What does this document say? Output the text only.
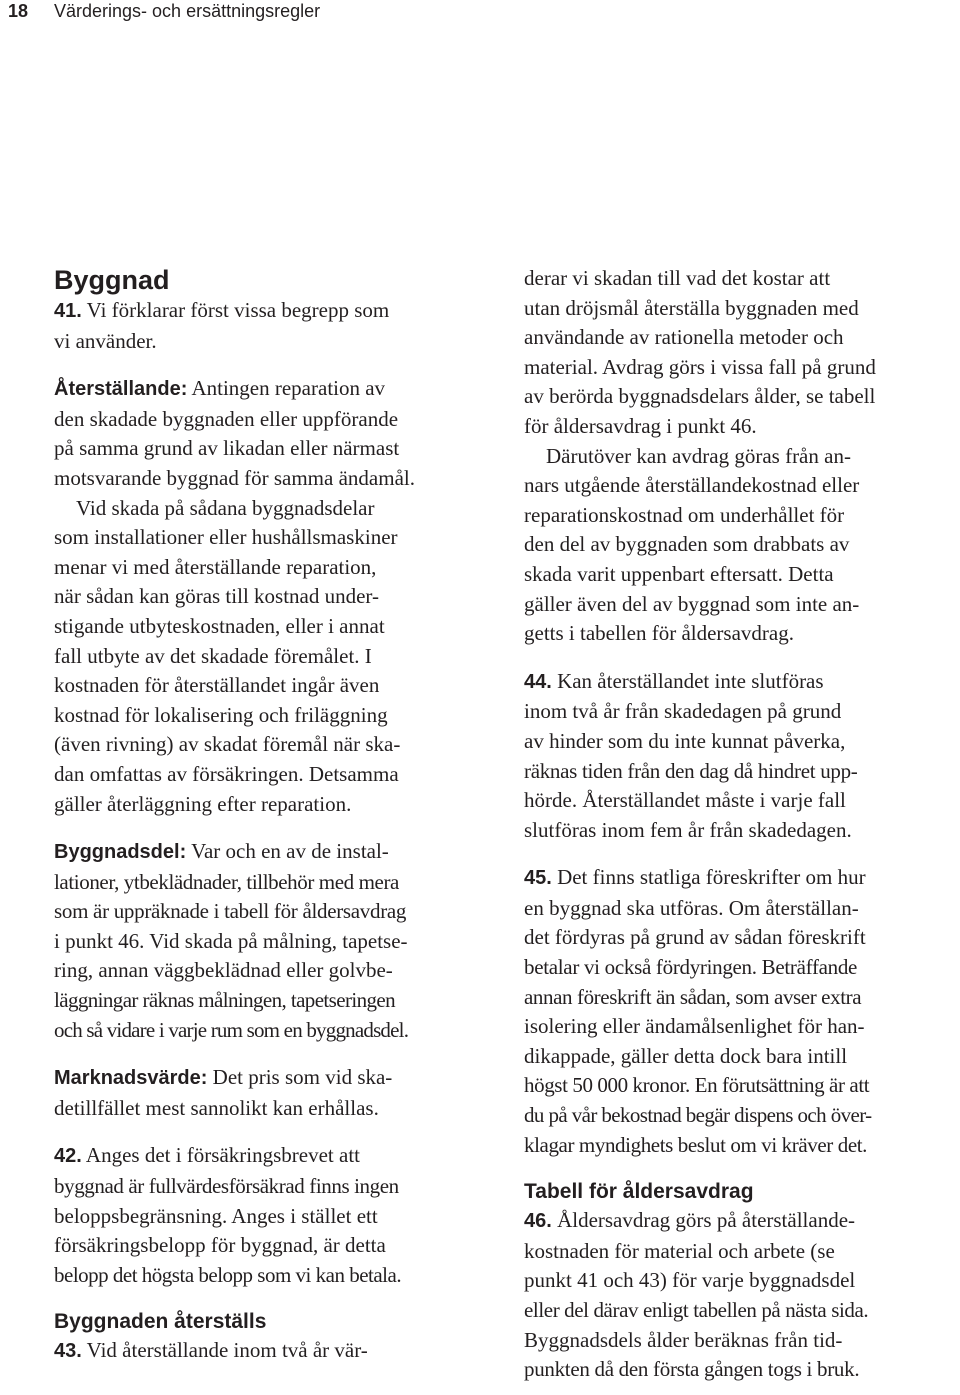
18 Värderings- och ersättningsregler
Byggnad

41. Vi förklarar först vissa begrepp som
vi använder.

Återställande: Antingen reparation av
den skadade byggnaden eller uppförande
på samma grund av likadan eller närmast
motsvarande byggnad för samma ändamål.
Vid skada på sådana byggnadsdelar
som installationer eller hushållsmaskiner
menar vi med återställande reparation,
när sådan kan göras till kostnad under-
stigande utbyteskostnaden, eller i annat
fall utbyte av det skadade föremålet. I
kostnaden för återställandet ingår även
kostnad för lokalisering och friläggning
(även rivning) av skadat föremål när ska-
dan omfattas av försäkringen. Detsamma
gäller återläggning efter reparation.

Byggnadsdel: Var och en av de instal-
lationer, ytbeklädnader, tillbehör med mera
som är uppräknade i tabell för åldersavdrag
i punkt 46. Vid skada på målning, tapetse-
ring, annan väggbeklädnad eller golvbe-
läggningar räknas målningen, tapetseringen
och så vidare i varje rum som en byggnadsdel.

Marknadsvärde: Det pris som vid ska-
detillfället mest sannolikt kan erhållas.

42. Anges det i försäkringsbrevet att
byggnad är fullvärdesförsäkrad finns ingen
beloppsbegränsning. Anges i stället ett
försäkringsbelopp för byggnad, är detta
belopp det högsta belopp som vi kan betala.

Byggnaden återställs

43. Vid återställande inom två år vär-

derar vi skadan till vad det kostar att
utan dröjsmål återställa byggnaden med
användande av rationella metoder och
material. Avdrag görs i vissa fall på grund
av berörda byggnadsdelars ålder, se tabell
för åldersavdrag i punkt 46.
Därutöver kan avdrag göras från an-
nars utgående återställandekostnad eller
reparationskostnad om underhållet för
den del av byggnaden som drabbats av
skada varit uppenbart eftersatt. Detta
gäller även del av byggnad som inte an-
getts i tabellen för åldersavdrag.

44. Kan återställandet inte slutföras
inom två år från skadedagen på grund
av hinder som du inte kunnat påverka,
räknas tiden från den dag då hindret upp-
hörde. Återställandet måste i varje fall
slutföras inom fem år från skadedagen.

45. Det finns statliga föreskrifter om hur
en byggnad ska utföras. Om återställan-
det fördyras på grund av sådan föreskrift
betalar vi också fördyringen. Beträffande
annan föreskrift än sådan, som avser extra
isolering eller ändamålsenlighet för han-
dikappade, gäller detta dock bara intill
högst 50 000 kronor. En förutsättning är att
du på vår bekostnad begär dispens och över-
klagar myndighets beslut om vi kräver det.

Tabell för åldersavdrag

46. Åldersavdrag görs på återställande-
kostnaden för material och arbete (se
punkt 41 och 43) för varje byggnadsdel
eller del därav enligt tabellen på nästa sida.
Byggnadsdels ålder beräknas från tid-
punkten då den första gången togs i bruk.
